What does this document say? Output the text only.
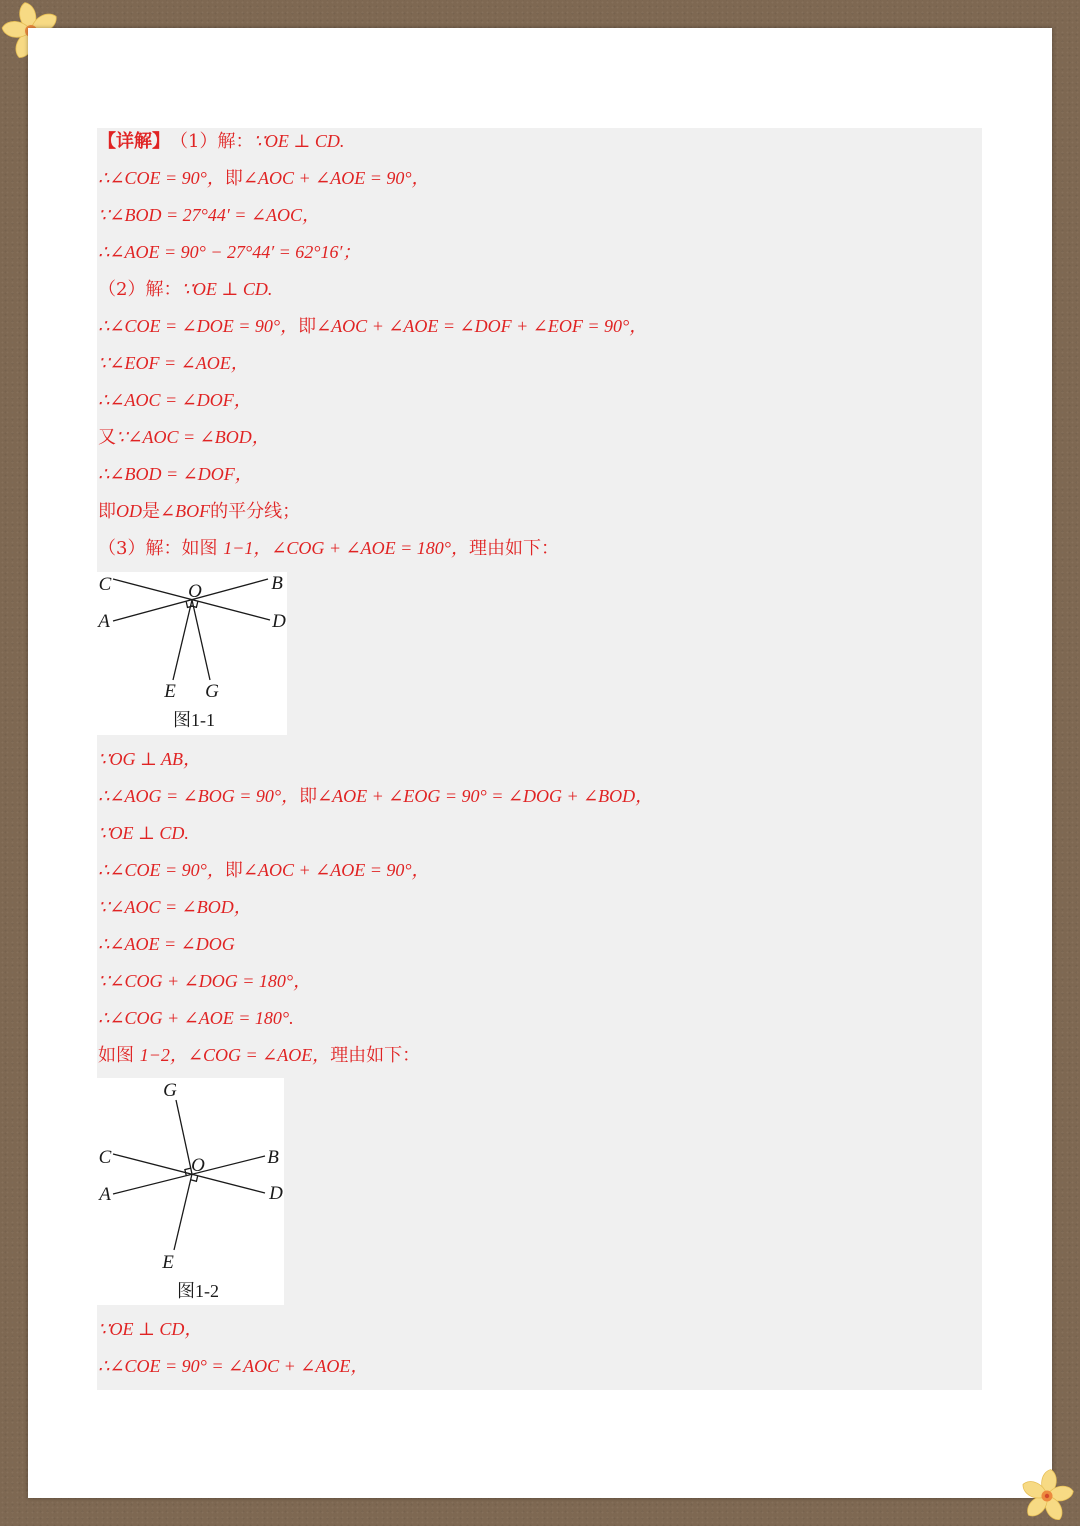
【详解】 （1）解： ∵OE ⊥ CD.
∴∠COE = 90°， 即 ∠AOC + ∠AOE = 90°，
∵∠BOD = 27°44′ = ∠AOC，
∴∠AOE = 90° − 27°44′ = 62°16′；
（2）解： ∵OE ⊥ CD.
∴∠COE = ∠DOE = 90°， 即 ∠AOC + ∠AOE = ∠DOF + ∠EOF = 90°，
∵∠EOF = ∠AOE，
∴∠AOC = ∠DOF，
又 ∵∠AOC = ∠BOD，
∴∠BOD = ∠DOF，
即 OD 是 ∠BOF 的平分线；
（3）解：如图 1−1，∠COG + ∠AOE = 180°， 理由如下：
C	O	B
A	D
E G
图1-1
∵OG ⊥ AB，
∴∠AOG = ∠BOG = 90°， 即 ∠AOE + ∠EOG = 90° = ∠DOG + ∠BOD，
∵OE ⊥ CD.
∴∠COE = 90°， 即 ∠AOC + ∠AOE = 90°，
∵∠AOC = ∠BOD，
∴∠AOE = ∠DOG
∵∠COG + ∠DOG = 180°，
∴∠COG + ∠AOE = 180°.
如图 1−2，∠COG = ∠AOE， 理由如下：
G
C	O	B
A	D
E
图1-2
∵OE ⊥ CD，
∴∠COE = 90° = ∠AOC + ∠AOE，
